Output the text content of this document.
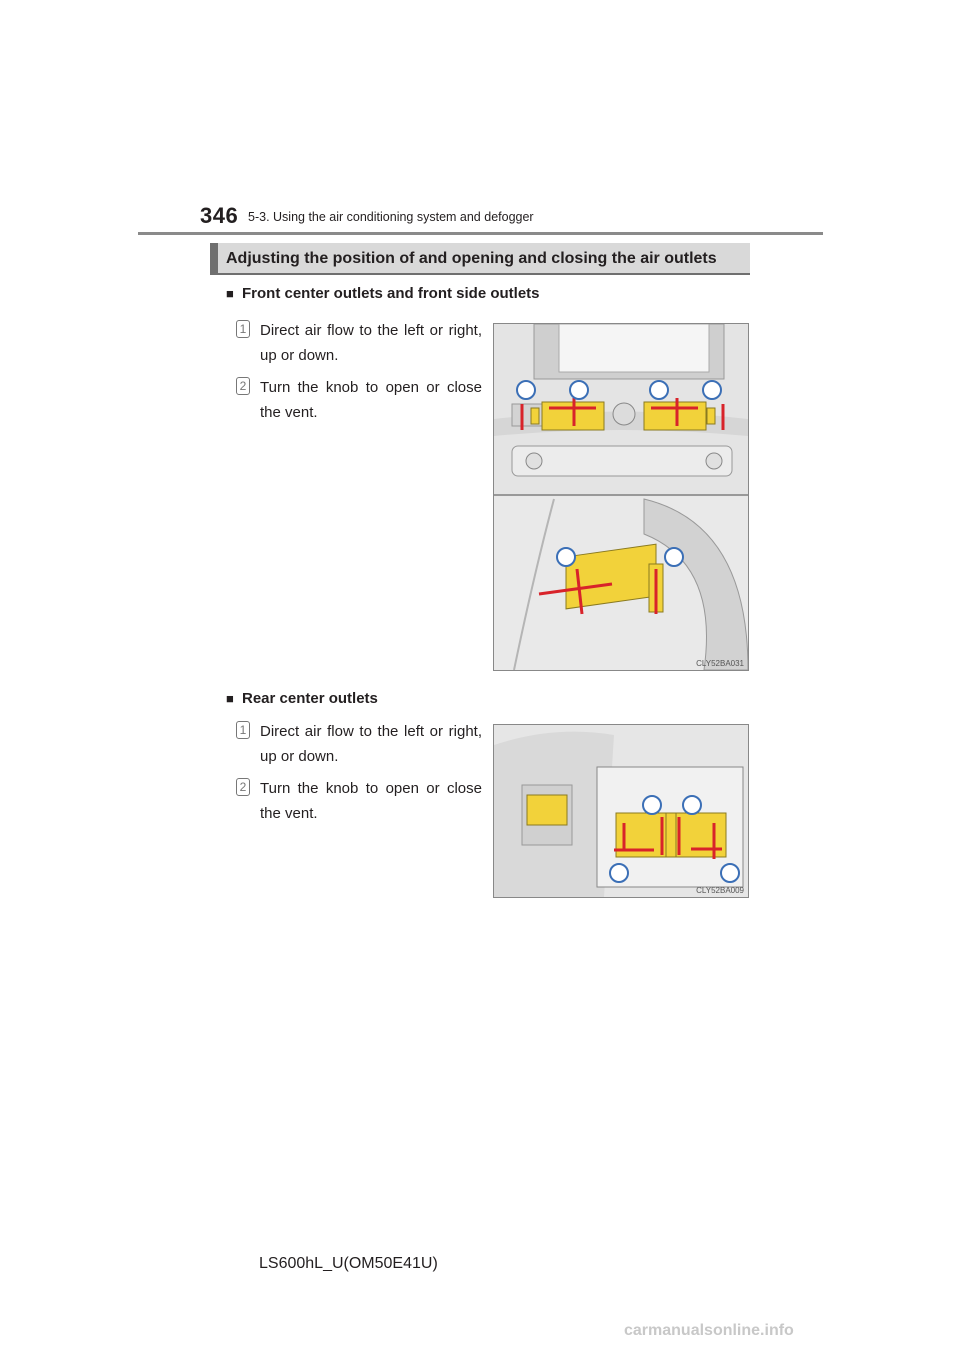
346 5-3. Using the air conditioning system and defogger
Adjusting the position of and opening and closing the air outlets
■ Front center outlets and front side outlets
1 Direct air flow to the left or right, up or down.
2 Turn the knob to open or close the vent.
CLY52BA031
■ Rear center outlets
1 Direct air flow to the left or right, up or down.
2 Turn the knob to open or close the vent.
CLY52BA009
LS600hL_U(OM50E41U)
carmanualsonline.info
